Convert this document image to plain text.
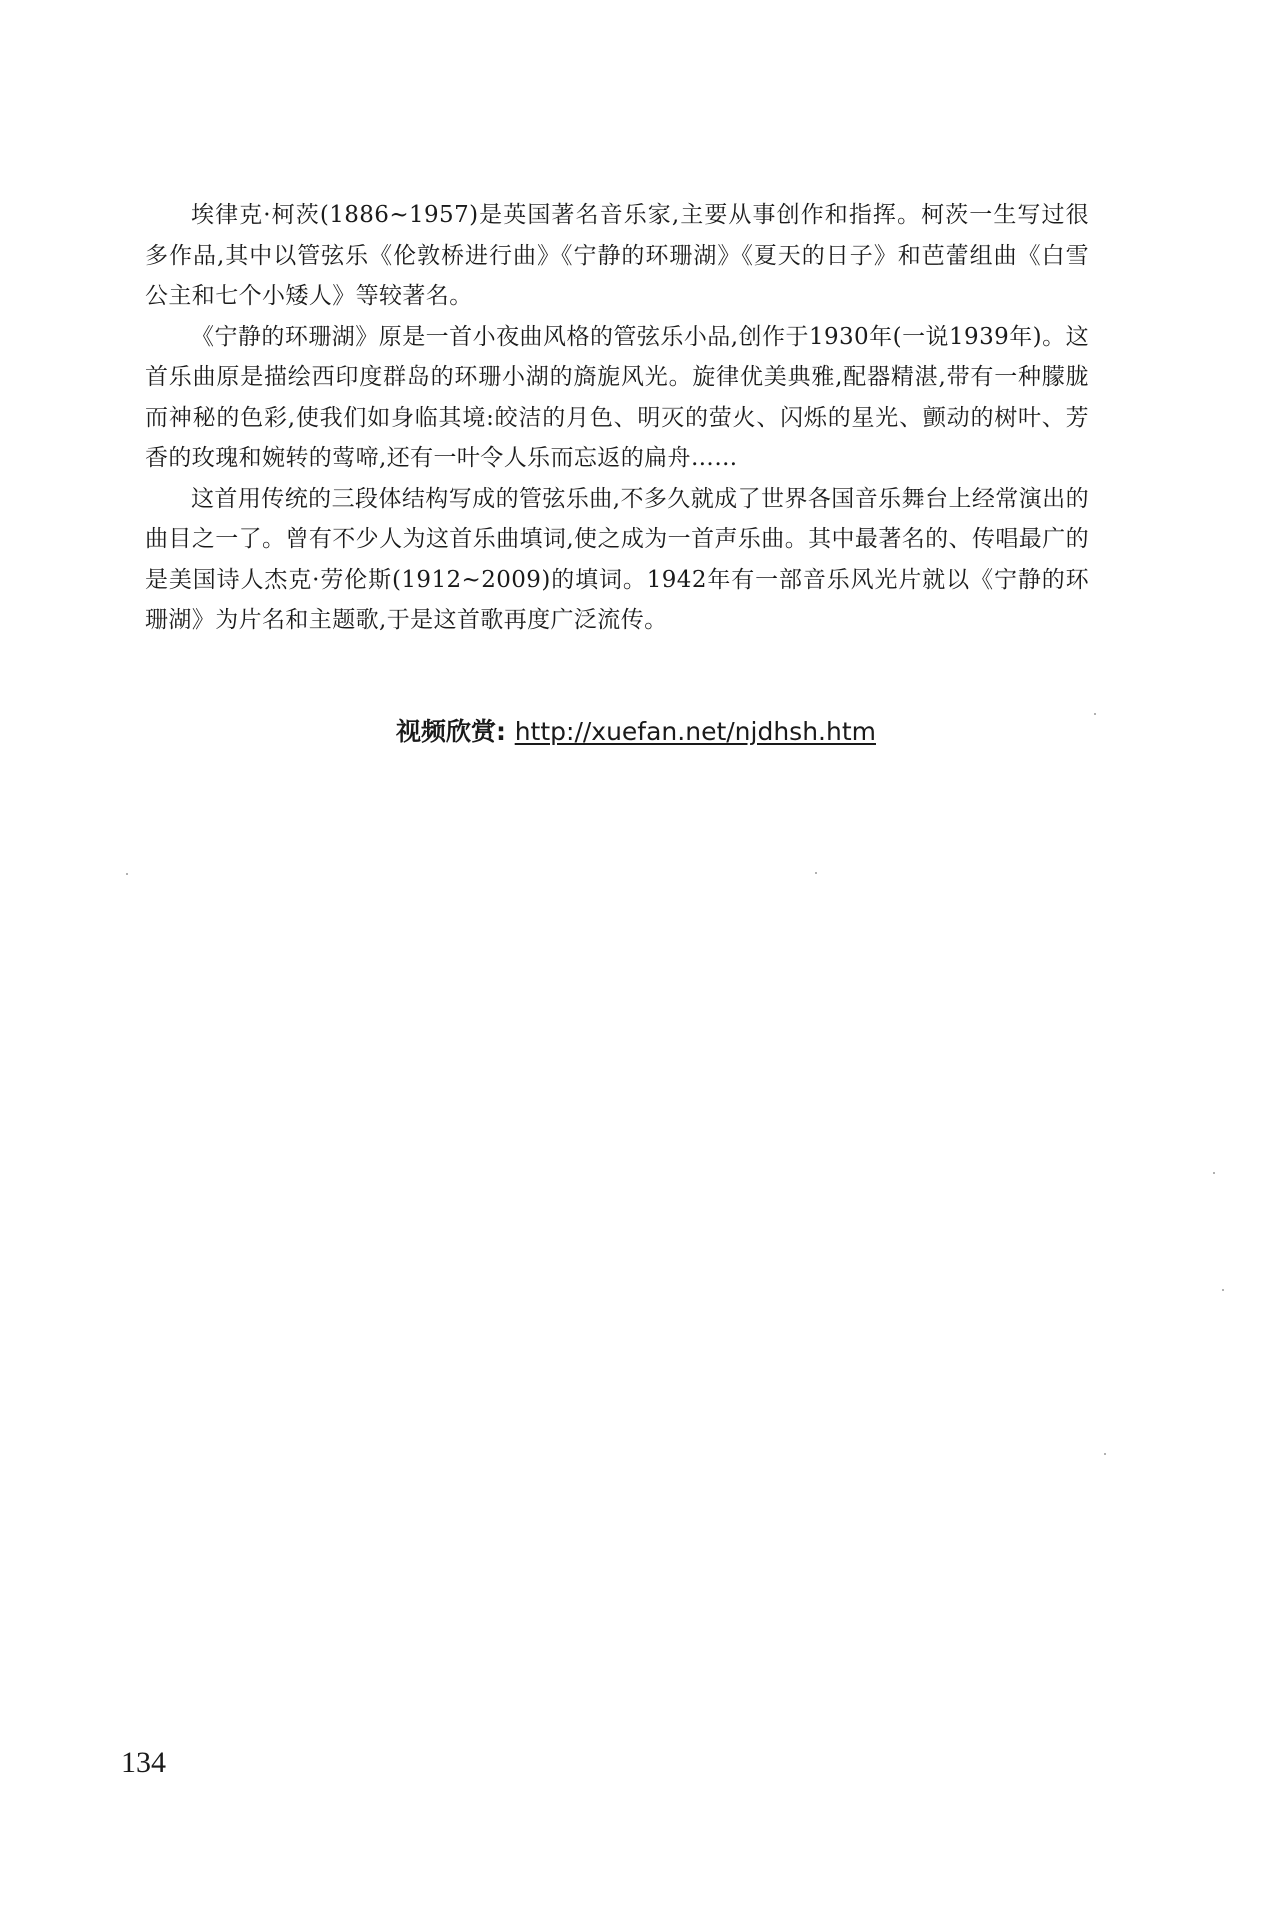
埃律克·柯茨(1886~1957)是英国著名音乐家,主要从事创作和指挥。柯茨一生写过很多作品,其中以管弦乐《伦敦桥进行曲》《宁静的环珊湖》《夏天的日子》和芭蕾组曲《白雪公主和七个小矮人》等较著名。

《宁静的环珊湖》原是一首小夜曲风格的管弦乐小品,创作于1930年(一说1939年)。这首乐曲原是描绘西印度群岛的环珊小湖的旖旎风光。旋律优美典雅,配器精湛,带有一种朦胧而神秘的色彩,使我们如身临其境:皎洁的月色、明灭的萤火、闪烁的星光、颤动的树叶、芳香的玫瑰和婉转的莺啼,还有一叶令人乐而忘返的扁舟……

这首用传统的三段体结构写成的管弦乐曲,不多久就成了世界各国音乐舞台上经常演出的曲目之一了。曾有不少人为这首乐曲填词,使之成为一首声乐曲。其中最著名的、传唱最广的是美国诗人杰克·劳伦斯(1912~2009)的填词。1942年有一部音乐风光片就以《宁静的环珊湖》为片名和主题歌,于是这首歌再度广泛流传。

视频欣赏: http://xuefan.net/njdhsh.htm
134
